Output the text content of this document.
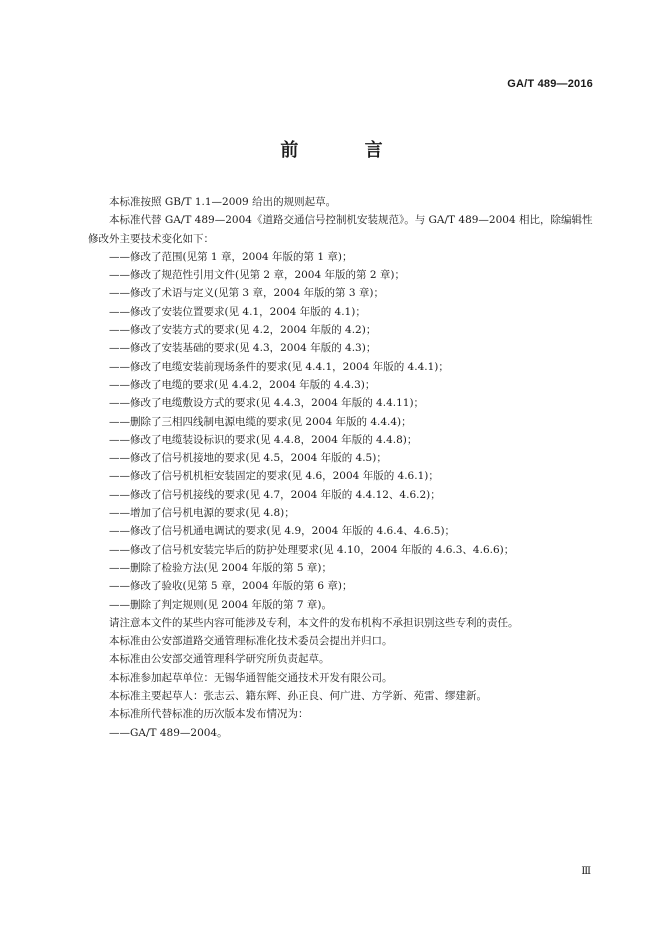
GA/T 489—2016
前 言
本标准按照 GB/T 1.1—2009 给出的规则起草。
本标准代替 GA/T 489—2004《道路交通信号控制机安装规范》。与 GA/T 489—2004 相比，除编辑性修改外主要技术变化如下：
——修改了范围(见第 1 章，2004 年版的第 1 章)；
——修改了规范性引用文件(见第 2 章，2004 年版的第 2 章)；
——修改了术语与定义(见第 3 章，2004 年版的第 3 章)；
——修改了安装位置要求(见 4.1，2004 年版的 4.1)；
——修改了安装方式的要求(见 4.2，2004 年版的 4.2)；
——修改了安装基础的要求(见 4.3，2004 年版的 4.3)；
——修改了电缆安装前现场条件的要求(见 4.4.1，2004 年版的 4.4.1)；
——修改了电缆的要求(见 4.4.2，2004 年版的 4.4.3)；
——修改了电缆敷设方式的要求(见 4.4.3，2004 年版的 4.4.11)；
——删除了三相四线制电源电缆的要求(见 2004 年版的 4.4.4)；
——修改了电缆装设标识的要求(见 4.4.8，2004 年版的 4.4.8)；
——修改了信号机接地的要求(见 4.5，2004 年版的 4.5)；
——修改了信号机机柜安装固定的要求(见 4.6，2004 年版的 4.6.1)；
——修改了信号机接线的要求(见 4.7，2004 年版的 4.4.12、4.6.2)；
——增加了信号机电源的要求(见 4.8)；
——修改了信号机通电调试的要求(见 4.9，2004 年版的 4.6.4、4.6.5)；
——修改了信号机安装完毕后的防护处理要求(见 4.10，2004 年版的 4.6.3、4.6.6)；
——删除了检验方法(见 2004 年版的第 5 章)；
——修改了验收(见第 5 章，2004 年版的第 6 章)；
——删除了判定规则(见 2004 年版的第 7 章)。
请注意本文件的某些内容可能涉及专利，本文件的发布机构不承担识别这些专利的责任。
本标准由公安部道路交通管理标准化技术委员会提出并归口。
本标准由公安部交通管理科学研究所负责起草。
本标准参加起草单位：无锡华通智能交通技术开发有限公司。
本标准主要起草人：张志云、籍东辉、孙正良、何广进、方学新、苑雷、缪建新。
本标准所代替标准的历次版本发布情况为：
——GA/T 489—2004。
Ⅲ
